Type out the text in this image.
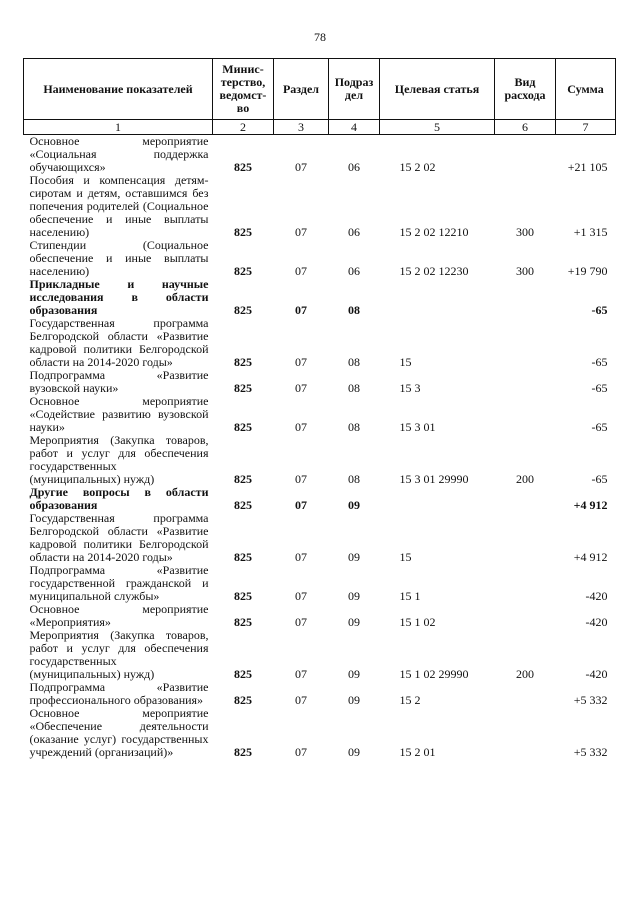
78
Наименование показателей	Минис-терство, ведомст-во	Раздел	Подраз дел	Целевая статья	Вид расхода	Сумма
1	2	3	4	5	6	7
Основное мероприятие «Социальная поддержка обучающихся»	825	07	06	15 2 02		+21 105
Пособия и компенсация детям-сиротам и детям, оставшимся без попечения родителей (Социальное обеспечение и иные выплаты населению)	825	07	06	15 2 02 12210	300	+1 315
Стипендии (Социальное обеспечение и иные выплаты населению)	825	07	06	15 2 02 12230	300	+19 790
Прикладные и научные исследования в области образования	825	07	08			-65
Государственная программа Белгородской области «Развитие кадровой политики Белгородской области на 2014-2020 годы»	825	07	08	15		-65
Подпрограмма «Развитие вузовской науки»	825	07	08	15 3		-65
Основное мероприятие «Содействие развитию вузовской науки»	825	07	08	15 3 01		-65
Мероприятия (Закупка товаров, работ и услуг для обеспечения государственных (муниципальных) нужд)	825	07	08	15 3 01 29990	200	-65
Другие вопросы в области образования	825	07	09			+4 912
Государственная программа Белгородской области «Развитие кадровой политики Белгородской области на 2014-2020 годы»	825	07	09	15		+4 912
Подпрограмма «Развитие государственной гражданской и муниципальной службы»	825	07	09	15 1		-420
Основное мероприятие «Мероприятия»	825	07	09	15 1 02		-420
Мероприятия (Закупка товаров, работ и услуг для обеспечения государственных (муниципальных) нужд)	825	07	09	15 1 02 29990	200	-420
Подпрограмма «Развитие профессионального образования»	825	07	09	15 2		+5 332
Основное мероприятие «Обеспечение деятельности (оказание услуг) государственных учреждений (организаций)»	825	07	09	15 2 01		+5 332
